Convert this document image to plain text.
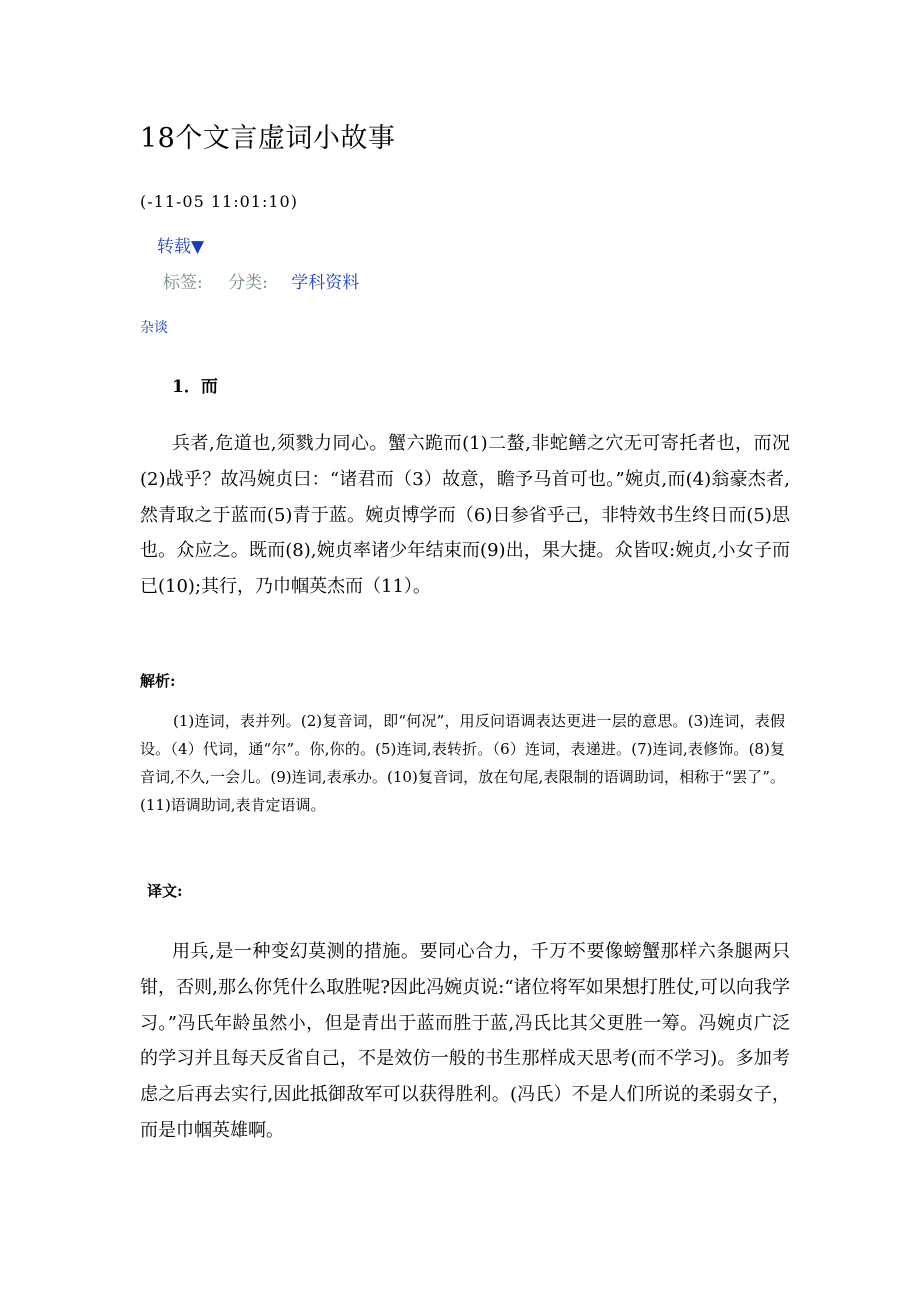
18个文言虚词小故事
(-11-05 11:01:10)
转载▼
标签: 分类: 学科资料
杂谈
1．而

兵者,危道也,须戮力同心。蟹六跪而(1)二螯,非蛇鳝之穴无可寄托者也，而况(2)战乎？故冯婉贞曰：“诸君而（3）故意，瞻予马首可也。”婉贞,而(4)翁豪杰者,然青取之于蓝而(5)青于蓝。婉贞博学而（6)日参省乎己，非特效书生终日而(5)思也。众应之。既而(8),婉贞率诸少年结束而(9)出，果大捷。众皆叹:婉贞,小女子而已(10);其行，乃巾帼英杰而（11）。

解析:

(1)连词，表并列。(2)复音词，即“何况”，用反问语调表达更进一层的意思。(3)连词，表假设。（4）代词，通“尔”。你,你的。(5)连词,表转折。（6）连词，表递进。(7)连词,表修饰。(8)复音词,不久,一会儿。(9)连词,表承办。(10)复音词，放在句尾,表限制的语调助词，相称于“罢了”。(11)语调助词,表肯定语调。

译文:

用兵,是一种变幻莫测的措施。要同心合力，千万不要像螃蟹那样六条腿两只钳，否则,那么你凭什么取胜呢?因此冯婉贞说:“诸位将军如果想打胜仗,可以向我学习。”冯氏年龄虽然小，但是青出于蓝而胜于蓝,冯氏比其父更胜一筹。冯婉贞广泛的学习并且每天反省自己，不是效仿一般的书生那样成天思考(而不学习)。多加考虑之后再去实行,因此抵御敌军可以获得胜利。(冯氏）不是人们所说的柔弱女子，而是巾帼英雄啊。
